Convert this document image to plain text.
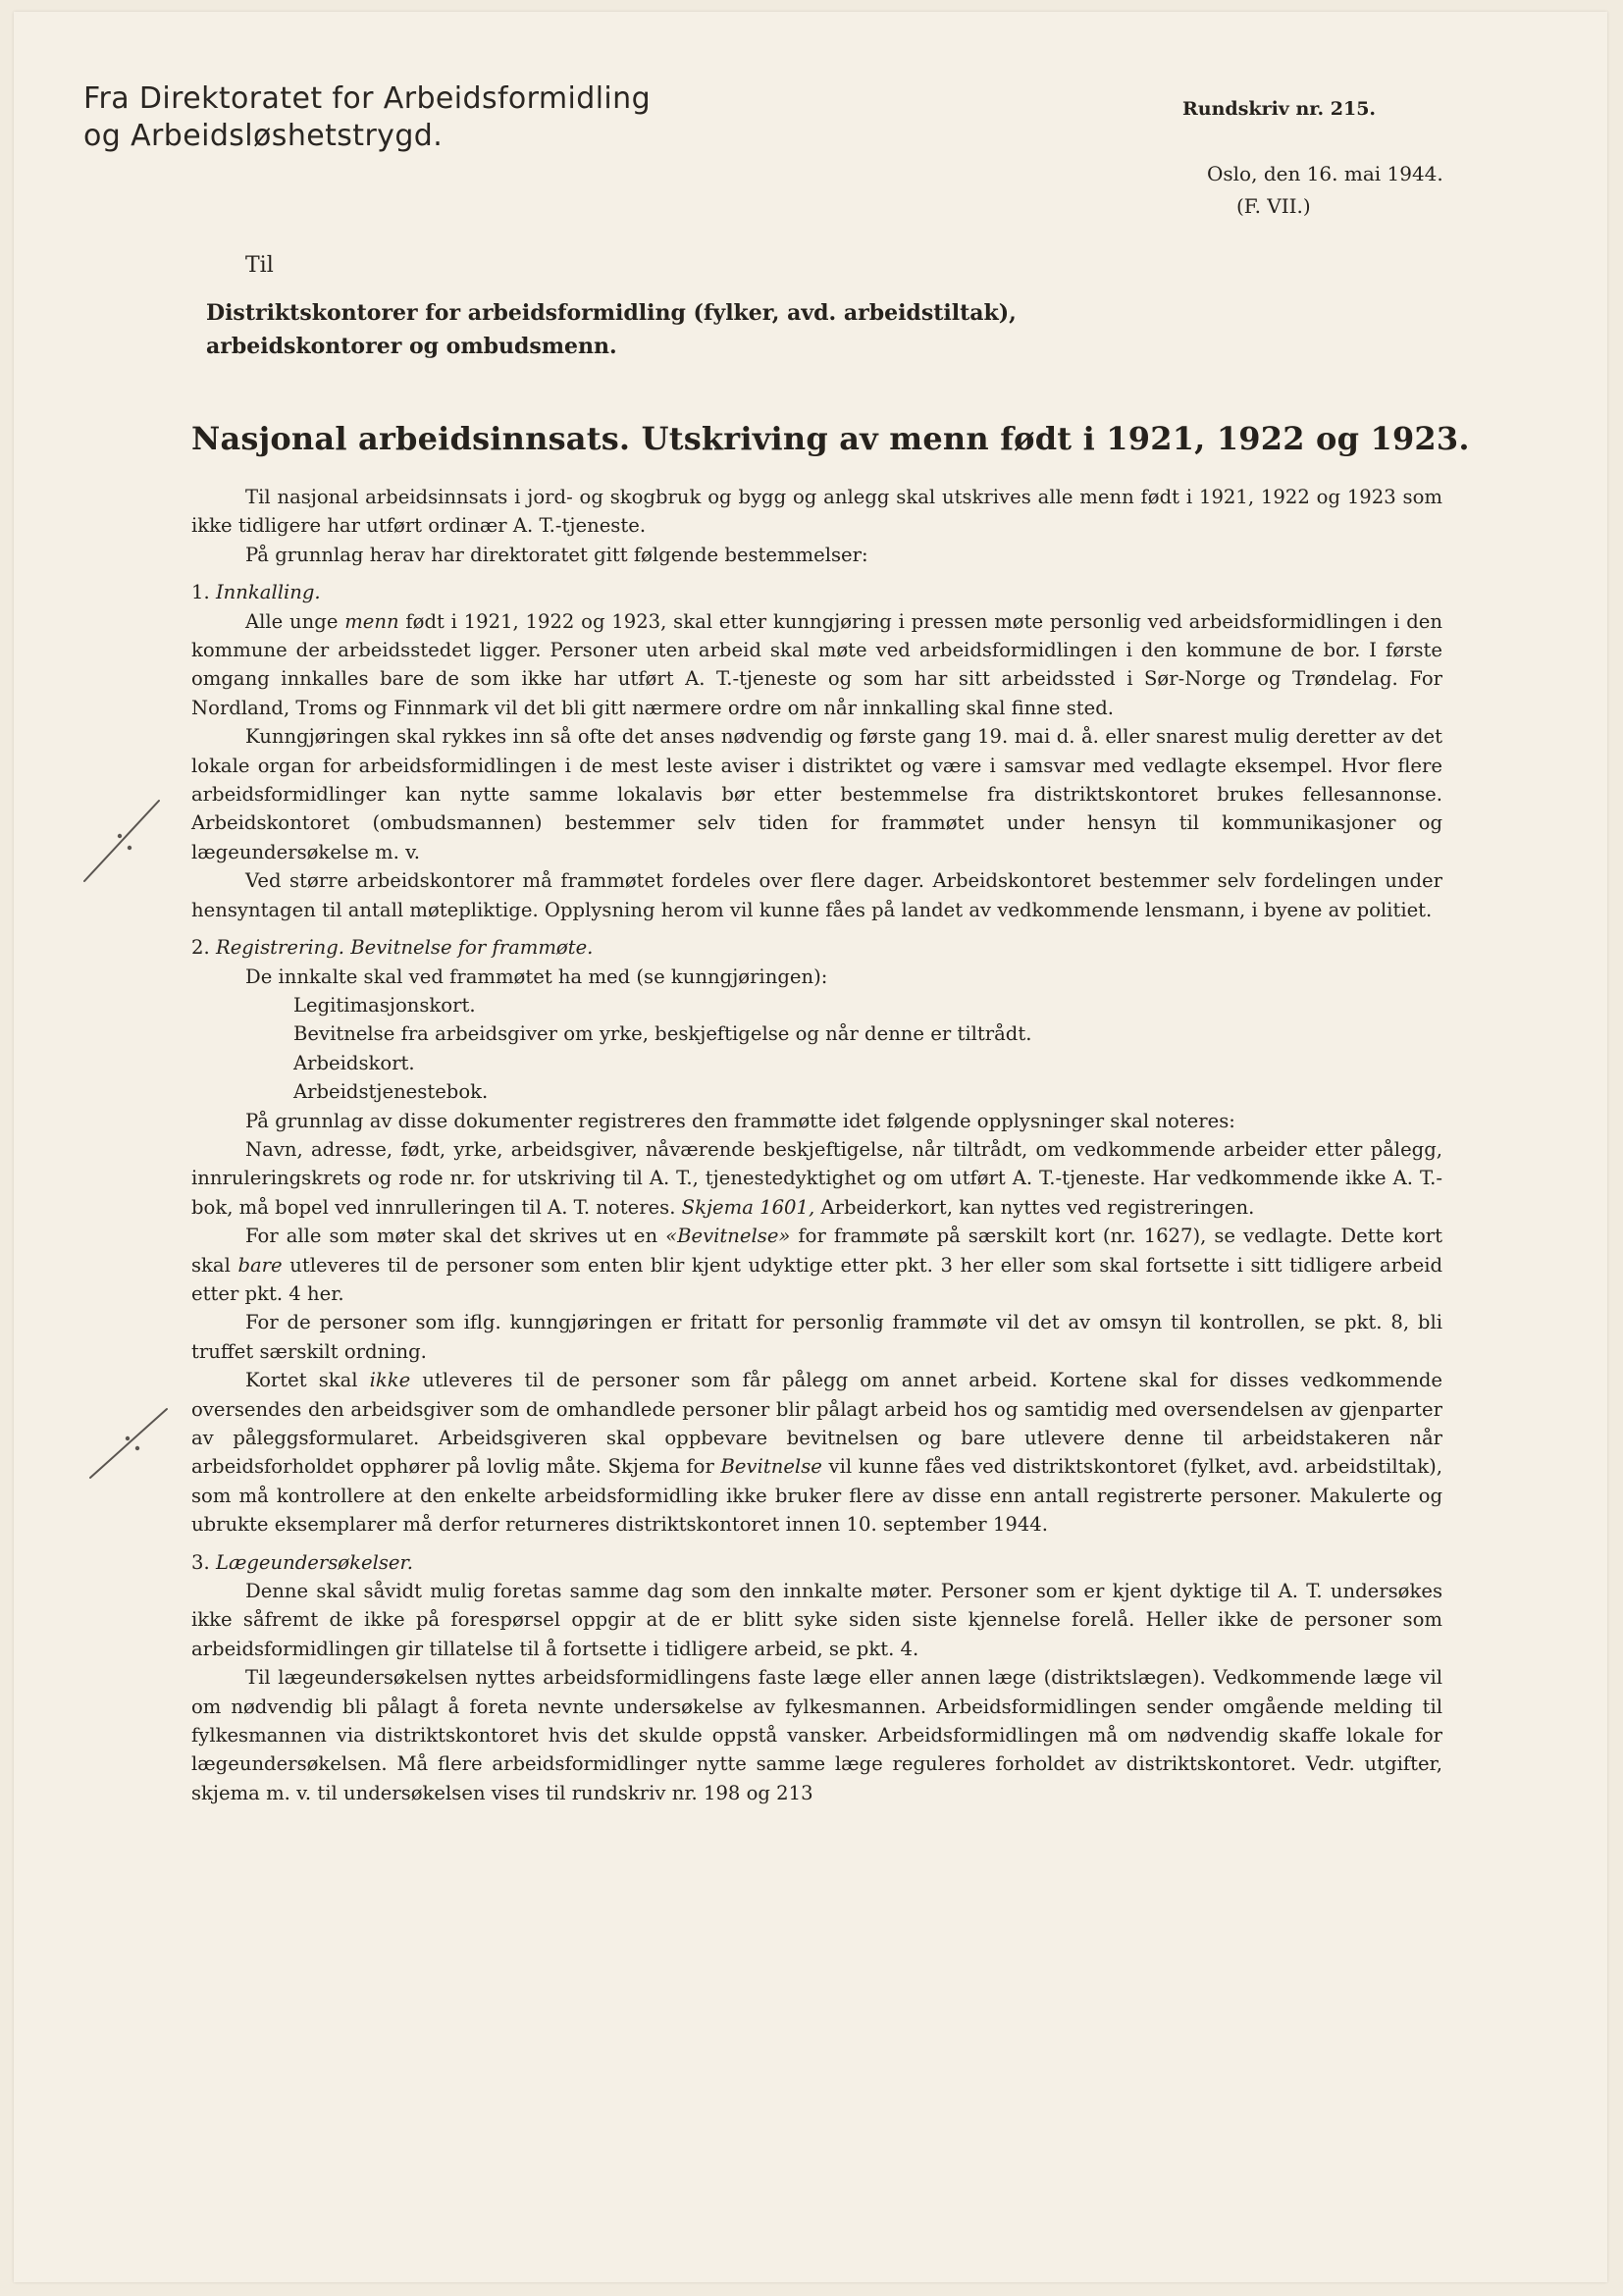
Fra Direktoratet for Arbeidsformidling
og Arbeidsløshetstrygd.
Rundskriv nr. 215.
Oslo, den 16. mai 1944.
(F. VII.)
Til
Distriktskontorer for arbeidsformidling (fylker, avd. arbeidstiltak),
arbeidskontorer og ombudsmenn.
Nasjonal arbeidsinnsats. Utskriving av menn født i 1921, 1922 og 1923.

Til nasjonal arbeidsinnsats i jord- og skogbruk og bygg og anlegg skal utskrives alle menn født i 1921, 1922 og 1923 som ikke tidligere har utført ordinær A. T.-tjeneste.

På grunnlag herav har direktoratet gitt følgende bestemmelser:

1. Innkalling.

Alle unge menn født i 1921, 1922 og 1923, skal etter kunngjøring i pressen møte personlig ved arbeidsformidlingen i den kommune der arbeidsstedet ligger. Personer uten arbeid skal møte ved arbeidsformidlingen i den kommune de bor. I første omgang innkalles bare de som ikke har utført A. T.-tjeneste og som har sitt arbeidssted i Sør-Norge og Trøndelag. For Nordland, Troms og Finnmark vil det bli gitt nærmere ordre om når innkalling skal finne sted.

Kunngjøringen skal rykkes inn så ofte det anses nødvendig og første gang 19. mai d. å. eller snarest mulig deretter av det lokale organ for arbeidsformidlingen i de mest leste aviser i distriktet og være i samsvar med vedlagte eksempel. Hvor flere arbeidsformidlinger kan nytte samme lokalavis bør etter bestemmelse fra distriktskontoret brukes fellesannonse. Arbeidskontoret (ombudsmannen) bestemmer selv tiden for frammøtet under hensyn til kommunikasjoner og lægeundersøkelse m. v.

Ved større arbeidskontorer må frammøtet fordeles over flere dager. Arbeidskontoret bestemmer selv fordelingen under hensyntagen til antall møtepliktige. Opplysning herom vil kunne fåes på landet av vedkommende lensmann, i byene av politiet.

2. Registrering. Bevitnelse for frammøte.

De innkalte skal ved frammøtet ha med (se kunngjøringen):

Legitimasjonskort.

Bevitnelse fra arbeidsgiver om yrke, beskjeftigelse og når denne er tiltrådt.

Arbeidskort.

Arbeidstjenestebok.

På grunnlag av disse dokumenter registreres den frammøtte idet følgende opplysninger skal noteres:

Navn, adresse, født, yrke, arbeidsgiver, nåværende beskjeftigelse, når tiltrådt, om vedkommende arbeider etter pålegg, innruleringskrets og rode nr. for utskriving til A. T., tjenestedyktighet og om utført A. T.-tjeneste. Har vedkommende ikke A. T.-bok, må bopel ved innrulleringen til A. T. noteres. Skjema 1601, Arbeiderkort, kan nyttes ved registreringen.

For alle som møter skal det skrives ut en «Bevitnelse» for frammøte på særskilt kort (nr. 1627), se vedlagte. Dette kort skal bare utleveres til de personer som enten blir kjent udyktige etter pkt. 3 her eller som skal fortsette i sitt tidligere arbeid etter pkt. 4 her.

For de personer som iflg. kunngjøringen er fritatt for personlig frammøte vil det av omsyn til kontrollen, se pkt. 8, bli truffet særskilt ordning.

Kortet skal ikke utleveres til de personer som får pålegg om annet arbeid. Kortene skal for disses vedkommende oversendes den arbeidsgiver som de omhandlede personer blir pålagt arbeid hos og samtidig med oversendelsen av gjenparter av påleggsformularet. Arbeidsgiveren skal oppbevare bevitnelsen og bare utlevere denne til arbeidstakeren når arbeidsforholdet opphører på lovlig måte. Skjema for Bevitnelse vil kunne fåes ved distriktskontoret (fylket, avd. arbeidstiltak), som må kontrollere at den enkelte arbeidsformidling ikke bruker flere av disse enn antall registrerte personer. Makulerte og ubrukte eksemplarer må derfor returneres distriktskontoret innen 10. september 1944.

3. Lægeundersøkelser.

Denne skal såvidt mulig foretas samme dag som den innkalte møter. Personer som er kjent dyktige til A. T. undersøkes ikke såfremt de ikke på forespørsel oppgir at de er blitt syke siden siste kjennelse forelå. Heller ikke de personer som arbeidsformidlingen gir tillatelse til å fortsette i tidligere arbeid, se pkt. 4.

Til lægeundersøkelsen nyttes arbeidsformidlingens faste læge eller annen læge (distriktslægen). Vedkommende læge vil om nødvendig bli pålagt å foreta nevnte undersøkelse av fylkesmannen. Arbeidsformidlingen sender omgående melding til fylkesmannen via distriktskontoret hvis det skulde oppstå vansker. Arbeidsformidlingen må om nødvendig skaffe lokale for lægeundersøkelsen. Må flere arbeidsformidlinger nytte samme læge reguleres forholdet av distriktskontoret. Vedr. utgifter, skjema m. v. til undersøkelsen vises til rundskriv nr. 198 og 213
